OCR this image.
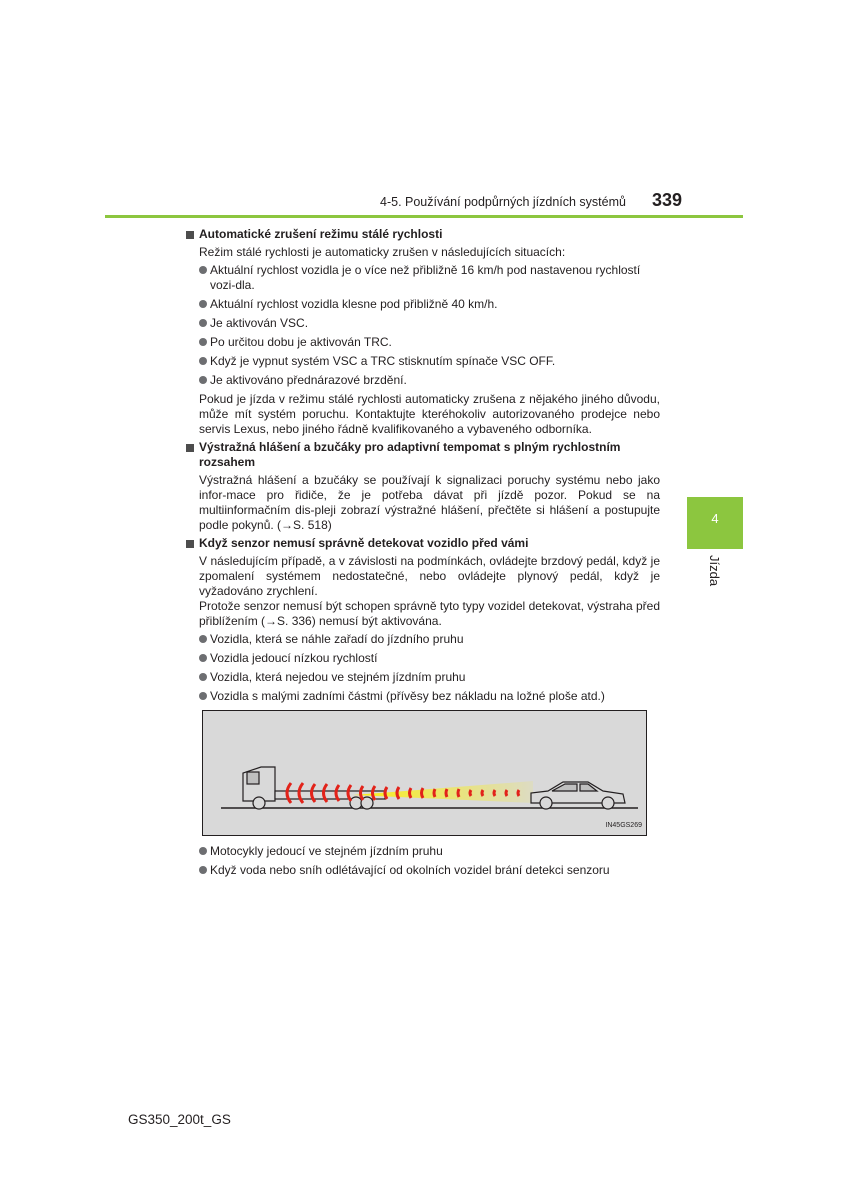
4-5. Používání podpůrných jízdních systémů 339
4
Jízda
Automatické zrušení režimu stálé rychlosti
Režim stálé rychlosti je automaticky zrušen v následujících situacích:
Aktuální rychlost vozidla je o více než přibližně 16 km/h pod nastavenou rychlostí vozi-dla.
Aktuální rychlost vozidla klesne pod přibližně 40 km/h.
Je aktivován VSC.
Po určitou dobu je aktivován TRC.
Když je vypnut systém VSC a TRC stisknutím spínače VSC OFF.
Je aktivováno přednárazové brzdění.
Pokud je jízda v režimu stálé rychlosti automaticky zrušena z nějakého jiného důvodu, může mít systém poruchu. Kontaktujte kteréhokoliv autorizovaného prodejce nebo servis Lexus, nebo jiného řádně kvalifikovaného a vybaveného odborníka.
Výstražná hlášení a bzučáky pro adaptivní tempomat s plným rychlostním rozsahem
Výstražná hlášení a bzučáky se používají k signalizaci poruchy systému nebo jako infor-mace pro řidiče, že je potřeba dávat při jízdě pozor. Pokud se na multiinformačním dis-pleji zobrazí výstražné hlášení, přečtěte si hlášení a postupujte podle pokynů. (→S. 518)
Když senzor nemusí správně detekovat vozidlo před vámi
V následujícím případě, a v závislosti na podmínkách, ovládejte brzdový pedál, když je zpomalení systémem nedostatečné, nebo ovládejte plynový pedál, když je vyžadováno zrychlení.
Protože senzor nemusí být schopen správně tyto typy vozidel detekovat, výstraha před přiblížením (→S. 336) nemusí být aktivována.
Vozidla, která se náhle zařadí do jízdního pruhu
Vozidla jedoucí nízkou rychlostí
Vozidla, která nejedou ve stejném jízdním pruhu
Vozidla s malými zadními částmi (přívěsy bez nákladu na ložné ploše atd.)
IN45GS269
Motocykly jedoucí ve stejném jízdním pruhu
Když voda nebo sníh odlétávající od okolních vozidel brání detekci senzoru
GS350_200t_GS
